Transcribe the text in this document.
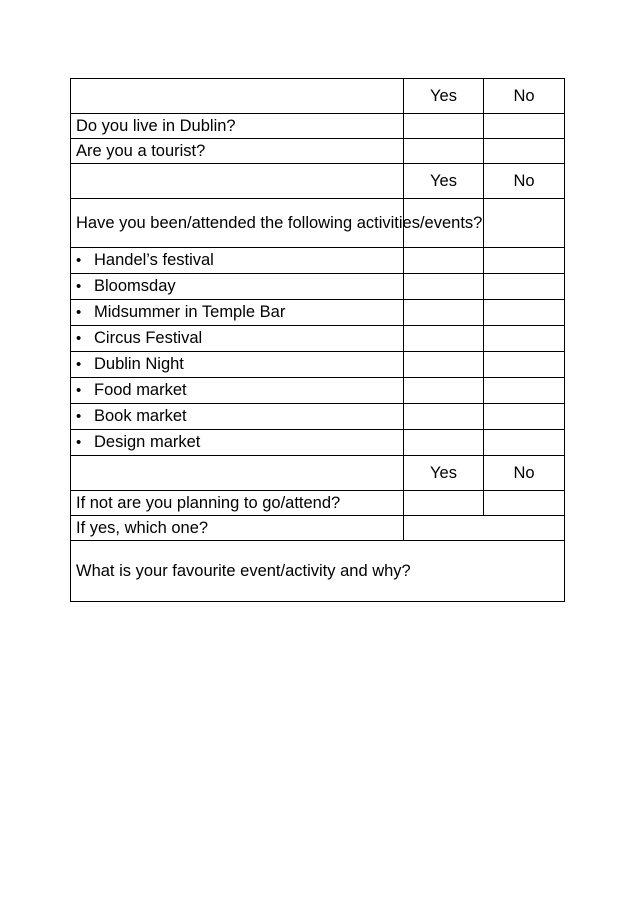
	Yes	No
Do you live in Dublin?		
Are you a tourist?		
	Yes	No
Have you been/attended the following activities/events?		
• Handel’s festival		
• Bloomsday		
• Midsummer in Temple Bar		
• Circus Festival		
• Dublin Night		
• Food market		
• Book market		
• Design market		
	Yes	No
If not are you planning to go/attend?		
If yes, which one?		
What is your favourite event/activity and why?		
